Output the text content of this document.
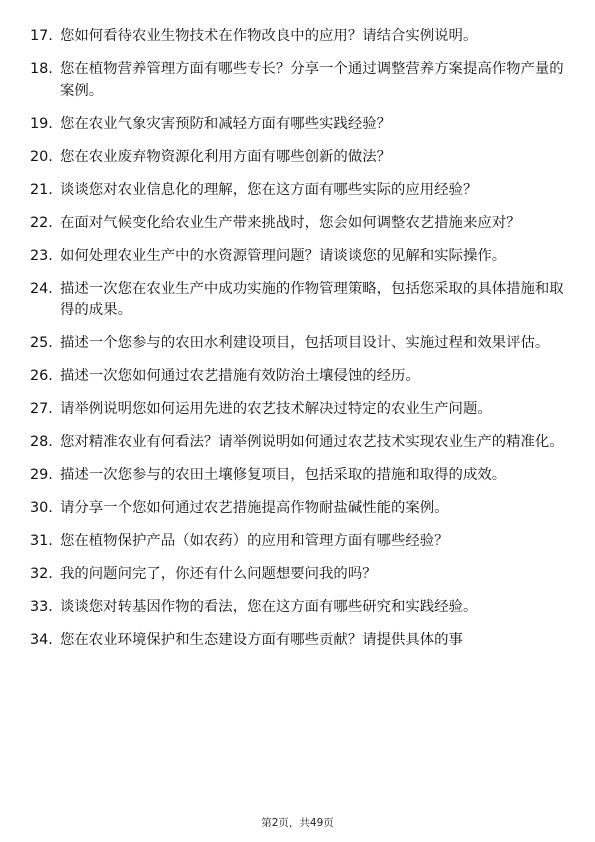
17. 您如何看待农业生物技术在作物改良中的应用？请结合实例说明。
18. 您在植物营养管理方面有哪些专长？分享一个通过调整营养方案提高作物产量的案例。
19. 您在农业气象灾害预防和减轻方面有哪些实践经验？
20. 您在农业废弃物资源化利用方面有哪些创新的做法？
21. 谈谈您对农业信息化的理解，您在这方面有哪些实际的应用经验？
22. 在面对气候变化给农业生产带来挑战时，您会如何调整农艺措施来应对？
23. 如何处理农业生产中的水资源管理问题？请谈谈您的见解和实际操作。
24. 描述一次您在农业生产中成功实施的作物管理策略，包括您采取的具体措施和取得的成果。
25. 描述一个您参与的农田水利建设项目，包括项目设计、实施过程和效果评估。
26. 描述一次您如何通过农艺措施有效防治土壤侵蚀的经历。
27. 请举例说明您如何运用先进的农艺技术解决过特定的农业生产问题。
28. 您对精准农业有何看法？请举例说明如何通过农艺技术实现农业生产的精准化。
29. 描述一次您参与的农田土壤修复项目，包括采取的措施和取得的成效。
30. 请分享一个您如何通过农艺措施提高作物耐盐碱性能的案例。
31. 您在植物保护产品（如农药）的应用和管理方面有哪些经验？
32. 我的问题问完了，你还有什么问题想要问我的吗？
33. 谈谈您对转基因作物的看法，您在这方面有哪些研究和实践经验。
34. 您在农业环境保护和生态建设方面有哪些贡献？请提供具体的事
第2页，共49页
